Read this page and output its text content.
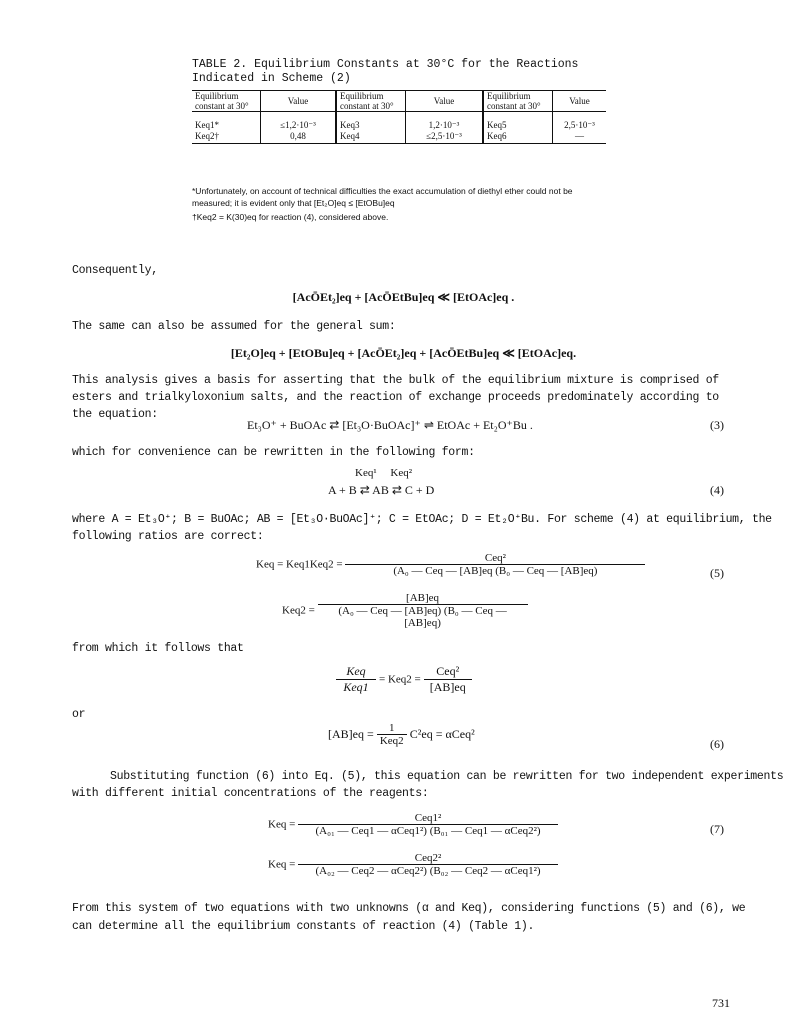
TABLE 2. Equilibrium Constants at 30°C for the Reactions Indicated in Scheme (2)
Equilibrium constant at 30°	Value	Equilibrium constant at 30°	Value	Equilibrium constant at 30°	Value
Keq1*	≤1,2·10⁻³	Keq3	1,2·10⁻³	Keq5	2,5·10⁻³
Keq2†	0,48	Keq4	≤2,5·10⁻³	Keq6	—
*Unfortunately, on account of technical difficulties the exact accumulation of diethyl ether could not be measured; it is evident only that [Et₂O]eq ≤ [EtOBu]eq
†Keq2 = K(30)eq for reaction (4), considered above.
Consequently,
[AcŌEt₂]eq + [AcŌEtBu]eq ≪ [EtOAc]eq .
The same can also be assumed for the general sum:
[Et₂O]eq + [EtOBu]eq + [AcŌEt₂]eq + [AcŌEtBu]eq ≪ [EtOAc]eq.
This analysis gives a basis for asserting that the bulk of the equilibrium mixture is comprised of esters and trialkyloxonium salts, and the reaction of exchange proceeds predominately according to the equation:
Et₃O⁺ + BuOAc ⇄ [Et₃O·BuOAc]⁺ ⇌ EtOAc + Et₂O⁺Bu .	(3)
which for convenience can be rewritten in the following form:
Keq¹     Keq²
A + B ⇄ AB ⇄ C + D	(4)
where A = Et₃O⁺; B = BuOAc; AB = [Et₃O·BuOAc]⁺; C = EtOAc; D = Et₂O⁺Bu. For scheme (4) at equilibrium, the
following ratios are correct:
Keq = $Keq1Keq2 = \frac{\text{Ceq²}}{\text{(A₀ — Ceq — [AB]eq (B₀ — Ceq — [AB]eq)}}$	(5)
$Keq2 = \frac{[AB]eq}{\text{(A₀ — Ceq — [AB]eq) (B₀ — Ceq — [AB]eq)}}$
from which it follows that
$\frac{\text{Keq}}{\text{Keq1}} = Keq2 = \frac{\text{Ceq²}}{[AB]eq}$
or
$[AB]eq = \frac{1}{\text{Keq2}} C^2eq = \alpha Ceq^2$
(6)
Substituting function (6) into Eq. (5), this equation can be rewritten for two independent experiments
with different initial concentrations of the reagents:
Keq = $\frac{\text{Ceq1²}}{\text{(A₀₁ — Ceq1 — αCeq1²) (B₀₁ — Ceq1 — αCeq2²)}}$	(7)
Keq = $\frac{\text{Ceq2²}}{\text{(A₀₂ — Ceq2 — αCeq2²) (B₀₂ — Ceq2 — αCeq1²)}}$
From this system of two equations with two unknowns (α and Keq), considering functions (5) and (6), we
can determine all the equilibrium constants of reaction (4) (Table 1).
731
